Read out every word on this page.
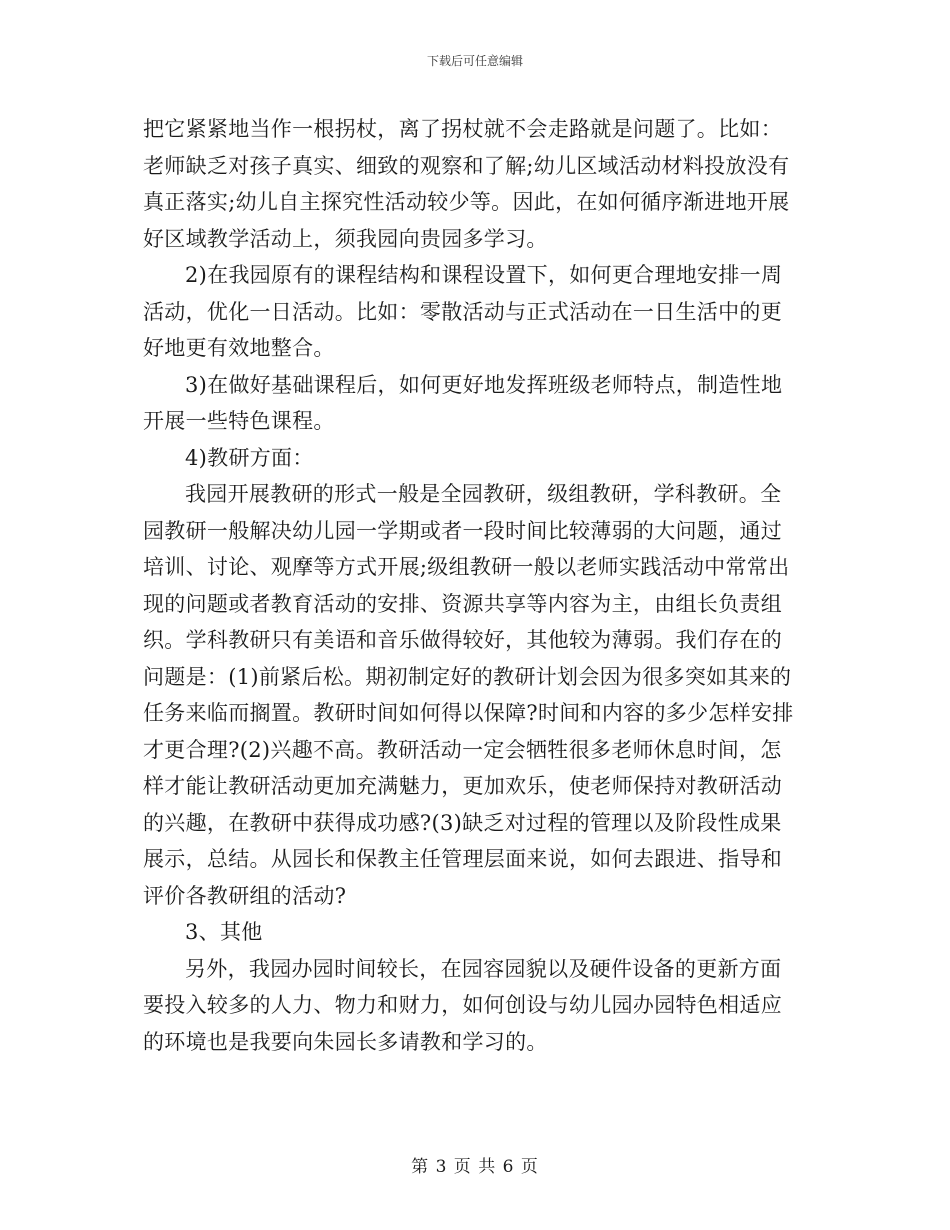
下载后可任意编辑
把它紧紧地当作一根拐杖，离了拐杖就不会走路就是问题了。比如：
老师缺乏对孩子真实、细致的观察和了解;幼儿区域活动材料投放没有
真正落实;幼儿自主探究性活动较少等。因此，在如何循序渐进地开展
好区域教学活动上，须我园向贵园多学习。
2)在我园原有的课程结构和课程设置下，如何更合理地安排一周
活动，优化一日活动。比如：零散活动与正式活动在一日生活中的更
好地更有效地整合。
3)在做好基础课程后，如何更好地发挥班级老师特点，制造性地
开展一些特色课程。
4)教研方面：
我园开展教研的形式一般是全园教研，级组教研，学科教研。全
园教研一般解决幼儿园一学期或者一段时间比较薄弱的大问题，通过
培训、讨论、观摩等方式开展;级组教研一般以老师实践活动中常常出
现的问题或者教育活动的安排、资源共享等内容为主，由组长负责组
织。学科教研只有美语和音乐做得较好，其他较为薄弱。我们存在的
问题是：(1)前紧后松。期初制定好的教研计划会因为很多突如其来的
任务来临而搁置。教研时间如何得以保障?时间和内容的多少怎样安排
才更合理?(2)兴趣不高。教研活动一定会牺牲很多老师休息时间，怎
样才能让教研活动更加充满魅力，更加欢乐，使老师保持对教研活动
的兴趣，在教研中获得成功感?(3)缺乏对过程的管理以及阶段性成果
展示，总结。从园长和保教主任管理层面来说，如何去跟进、指导和
评价各教研组的活动?
3、其他
另外，我园办园时间较长，在园容园貌以及硬件设备的更新方面
要投入较多的人力、物力和财力，如何创设与幼儿园办园特色相适应
的环境也是我要向朱园长多请教和学习的。
第 3 页 共 6 页
